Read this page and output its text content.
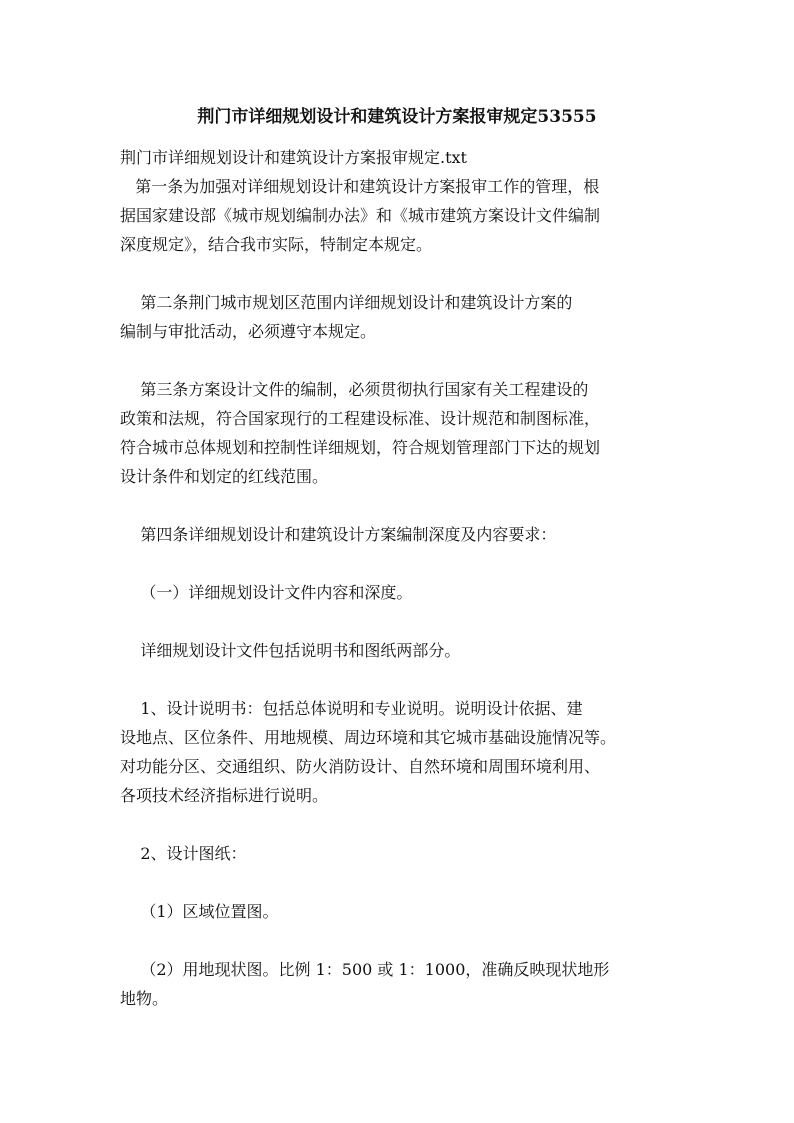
荆门市详细规划设计和建筑设计方案报审规定53555
荆门市详细规划设计和建筑设计方案报审规定.txt
第一条为加强对详细规划设计和建筑设计方案报审工作的管理，根
据国家建设部《城市规划编制办法》和《城市建筑方案设计文件编制
深度规定》，结合我市实际，特制定本规定。
第二条荆门城市规划区范围内详细规划设计和建筑设计方案的
编制与审批活动，必须遵守本规定。
第三条方案设计文件的编制，必须贯彻执行国家有关工程建设的
政策和法规，符合国家现行的工程建设标准、设计规范和制图标准，
符合城市总体规划和控制性详细规划，符合规划管理部门下达的规划
设计条件和划定的红线范围。
第四条详细规划设计和建筑设计方案编制深度及内容要求：
（一）详细规划设计文件内容和深度。
详细规划设计文件包括说明书和图纸两部分。
1、设计说明书：包括总体说明和专业说明。说明设计依据、建
设地点、区位条件、用地规模、周边环境和其它城市基础设施情况等。
对功能分区、交通组织、防火消防设计、自然环境和周围环境利用、
各项技术经济指标进行说明。
2、设计图纸：
（1）区域位置图。
（2）用地现状图。比例 1：500 或 1：1000，准确反映现状地形
地物。
